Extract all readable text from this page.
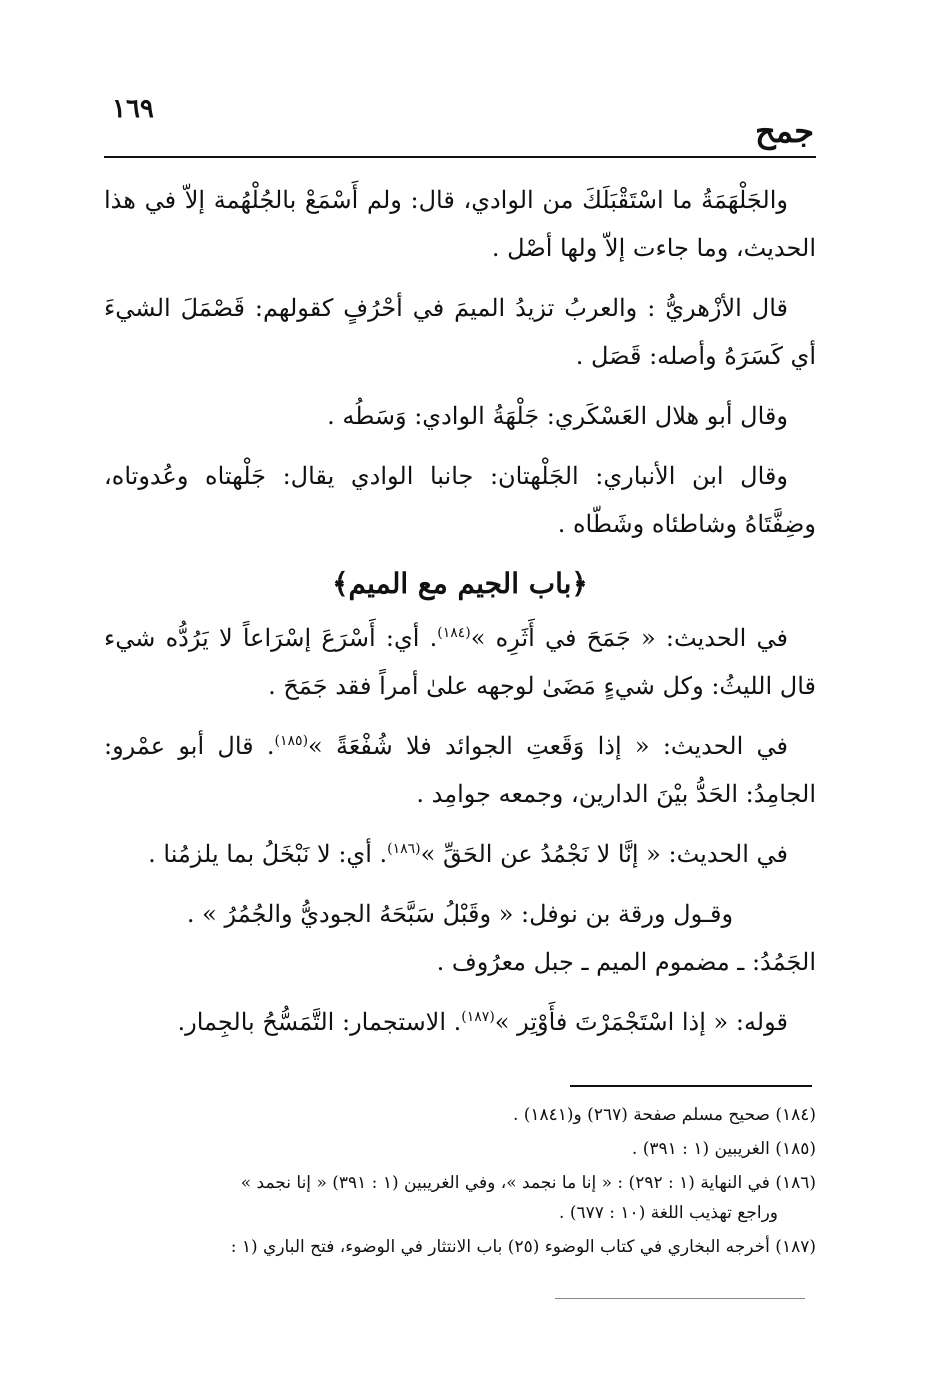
١٦٩
جمح

والجَلْهَمَةُ ما اسْتَقْبَلَكَ من الوادي، قال: ولم أَسْمَعْ بالجُلْهُمة إلاّ في هذا الحديث، وما جاءت إلاّ ولها أصْل .

قال الأزْهريُّ : والعربُ تزيدُ الميمَ في أحْرُفٍ كقولهم: قَصْمَلَ الشيءَ أي كَسَرَهُ وأصله: قَصَل .

وقال أبو هلال العَسْكَري: جَلْهَةُ الوادي: وَسَطُه .

وقال ابن الأنباري: الجَلْهتان: جانبا الوادي يقال: جَلْهتاه وعُدوتاه، وضِفَّتَاهُ وشاطئاه وشَطّاه .

﴿باب الجيم مع الميم﴾

في الحديث: « جَمَحَ في أَثَرِه »$^{(١٨٤)}$. أي: أَسْرَعَ إسْرَاعاً لا يَرُدُّه شيء قال الليثُ: وكل شيءٍ مَضَىٰ لوجهه علىٰ أمراً فقد جَمَحَ .

في الحديث: « إذا وَقَعتِ الجوائد فلا شُفْعَةً »$^{(١٨٥)}$. قال أبو عمْرو: الجامِدُ: الحَدُّ بيْنَ الدارين، وجمعه جوامِد .

في الحديث: « إنَّا لا نَجْمُدُ عن الحَقِّ »$^{(١٨٦)}$. أي: لا نَبْخَلُ بما يلزمُنا .

وقـول ورقة بن نوفل: « وقَبْلُ سَبَّحَهُ الجوديُّ والجُمُرُ » .

الجَمُدُ: ـ مضموم الميم ـ جبل معرُوف .

قوله: « إذا اسْتَجْمَرْتَ فأَوْتِر »$^{(١٨٧)}$. الاستجمار: التَّمَسُّحُ بالجِمار.

(١٨٤) صحيح مسلم صفحة (٢٦٧) و(١٨٤١) .

(١٨٥) الغريبين (١ : ٣٩١) .

(١٨٦) في النهاية (١ : ٢٩٢) : « إنا ما نجمد »، وفي الغريبين (١ : ٣٩١) « إنا نجمد »
وراجع تهذيب اللغة (١٠ : ٦٧٧) .

(١٨٧) أخرجه البخاري في كتاب الوضوء (٢٥) باب الانتثار في الوضوء، فتح الباري (١ :
